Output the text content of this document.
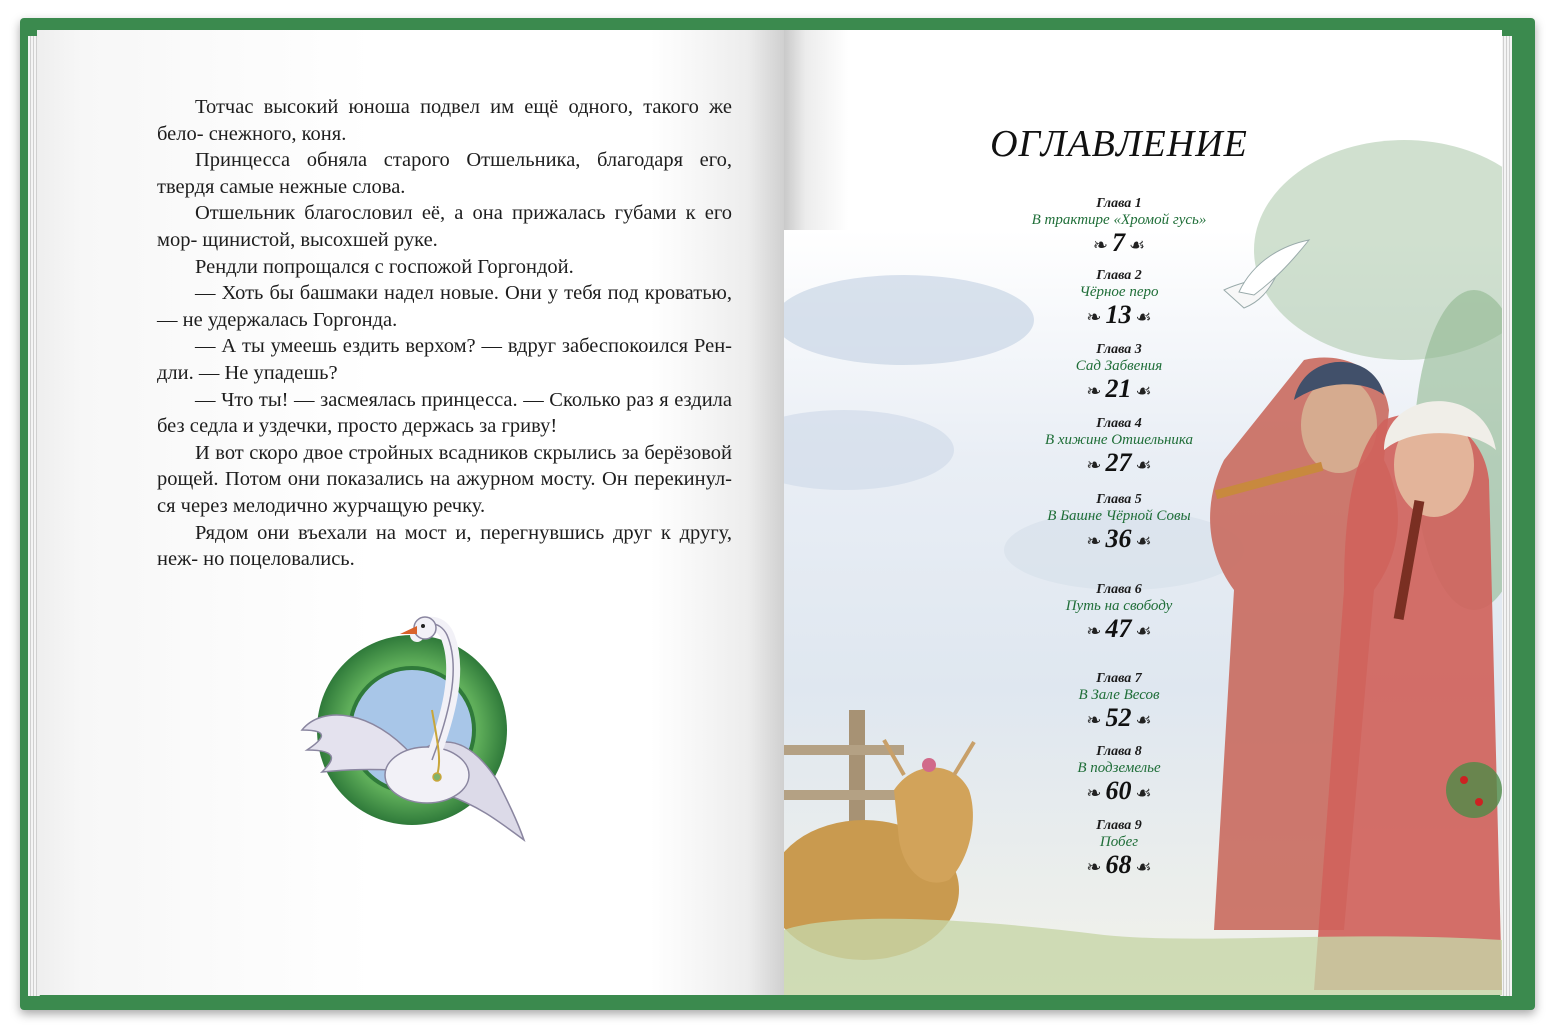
Тотчас высокий юноша подвел им ещё одного, такого же бело- снежного, коня.

Принцесса обняла старого Отшельника, благодаря его, твердя самые нежные слова.

Отшельник благословил её, а она прижалась губами к его мор- щинистой, высохшей руке.

Рендли попрощался с госпожой Горгондой.

— Хоть бы башмаки надел новые. Они у тебя под кроватью, — не удержалась Горгонда.

— А ты умеешь ездить верхом? — вдруг забеспокоился Рен- дли. — Не упадешь?

— Что ты! — засмеялась принцесса. — Сколько раз я ездила без седла и уздечки, просто держась за гриву!

И вот скоро двое стройных всадников скрылись за берёзовой рощей. Потом они показались на ажурном мосту. Он перекинул- ся через мелодично журчащую речку.

Рядом они въехали на мост и, перегнувшись друг к другу, неж- но поцеловались.

ОГЛАВЛЕНИЕ
Глава 1
В трактире «Хромой гусь»
❧ 7 ☙
Глава 2
Чёрное перо
❧ 13 ☙
Глава 3
Сад Забвения
❧ 21 ☙
Глава 4
В хижине Отшельника
❧ 27 ☙
Глава 5
В Башне Чёрной Совы
❧ 36 ☙
Глава 6
Путь на свободу
❧ 47 ☙
Глава 7
В Зале Весов
❧ 52 ☙
Глава 8
В подземелье
❧ 60 ☙
Глава 9
Побег
❧ 68 ☙
